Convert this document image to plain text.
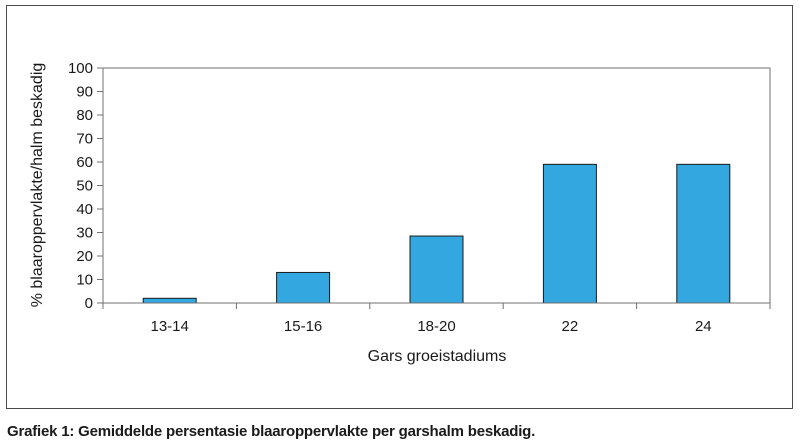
0
10
20
30
40
50
60
70
80
90
100
13-14	15-16	18-20	22	24
Gars groeistadiums
% blaaroppervlakte/halm beskadig
Grafiek 1: Gemiddelde persentasie blaaroppervlakte per garshalm beskadig.
